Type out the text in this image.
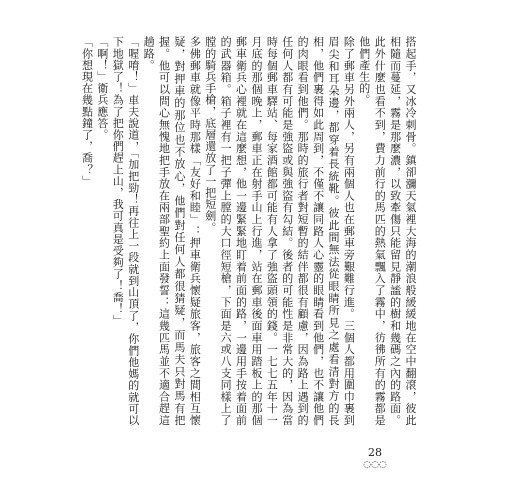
搭起手，又冰冷刺骨。鎮卻瀰天氣裡大海的潮浪般緩緩地在空中翻滾，彼此相隨而蔓延，霧是那麼濃，以致牽傷只能留見靜謐的樹和幾碼之內的路面。此外什麼也看不到，費力前行的馬匹的熱氣飄入了霧中，彷彿所有的霧都是他們產生的。

除了郵車另外兩人，另有兩個人也在郵車旁艱難行進。三個人都用圍巾裹到眉尖和耳朵邊，都穿着長統靴。彼此間無法從眼睛所見之處看清對方的長相，他們裹得如此周到，不僅不讓同路人心靈的眼睛看到他們，也不讓他們的肉眼看到他們。那時的旅行者對短暫的結伴都很有顧慮，因為路上遇到的任何人都有可能是強盜或與強盜有勾結。後者的可能性是非常大的，因為當時每個郵車驛站、每家酒館都可能有人拿了強盜頭領的錢。一七七五年十一月底的那個晚上，郵車正在射手山上行進，站在郵車後面車用踏板上的那個郵車衛兵心裡就在這麼想，他一邊緊緊地盯着前面的路，一邊用手按着面前的武器箱。箱子裡有一把子彈上膛的大口徑短槍，下面是六或八支同樣上了膛的騎兵手槍，底層還放了一把短劍。

多佛郵車就像平時那樣「友好和睦」：押車衛兵懷疑旅客，旅客之間相互懷疑，對押車的那位也不放心，他們對任何人都很猜疑，而馬夫只對馬有把握。他可以問心無愧地把手放在兩部聖約上面發誓：這幾匹馬並不適合趕這趟路。

「喔唷！」車夫說道，「加把勁！再往上一段就到山頂了，你們他媽的就可以下地獄了！為了把你們趕上山，我可真是受夠了！喬！」

「啊！」衛兵應答。

「你想現在幾點鐘了，喬？」

28
◌◌◌
